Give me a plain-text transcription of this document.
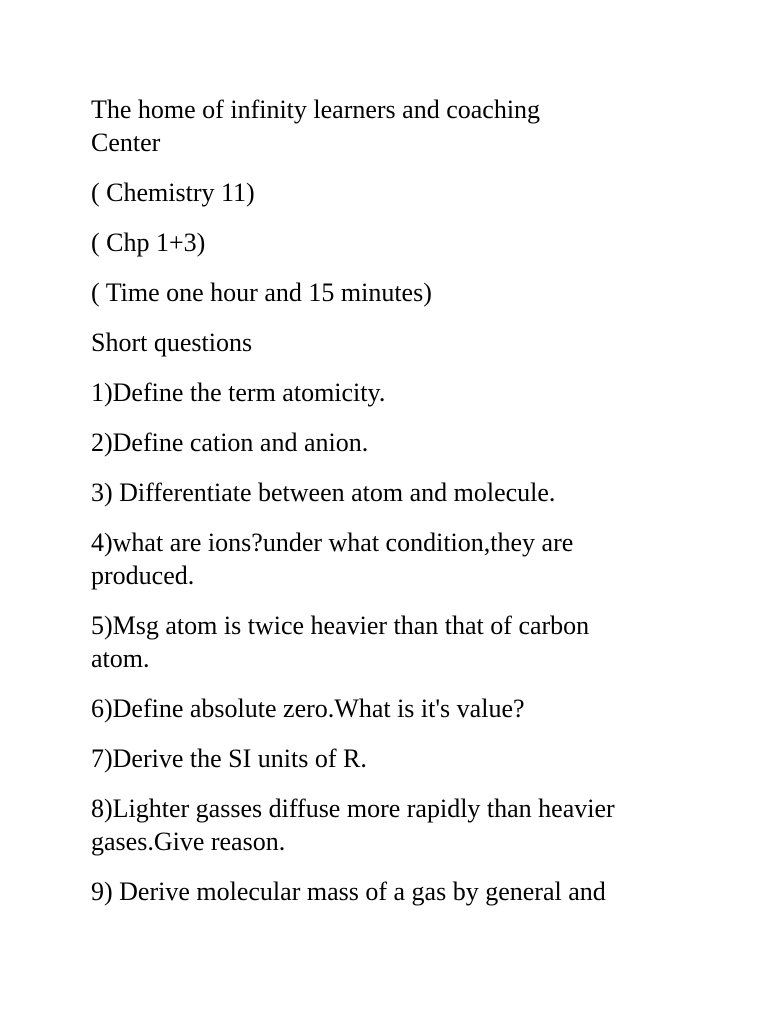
The home of infinity learners and coaching
Center

( Chemistry 11)

( Chp 1+3)

( Time one hour and 15 minutes)

Short questions

1)Define the term atomicity.

2)Define cation and anion.

3) Differentiate between atom and molecule.

4)what are ions?under what condition,they are
produced.

5)Msg atom is twice heavier than that of carbon
atom.

6)Define absolute zero.What is it's value?

7)Derive the SI units of R.

8)Lighter gasses diffuse more rapidly than heavier
gases.Give reason.

9) Derive molecular mass of a gas by general and
